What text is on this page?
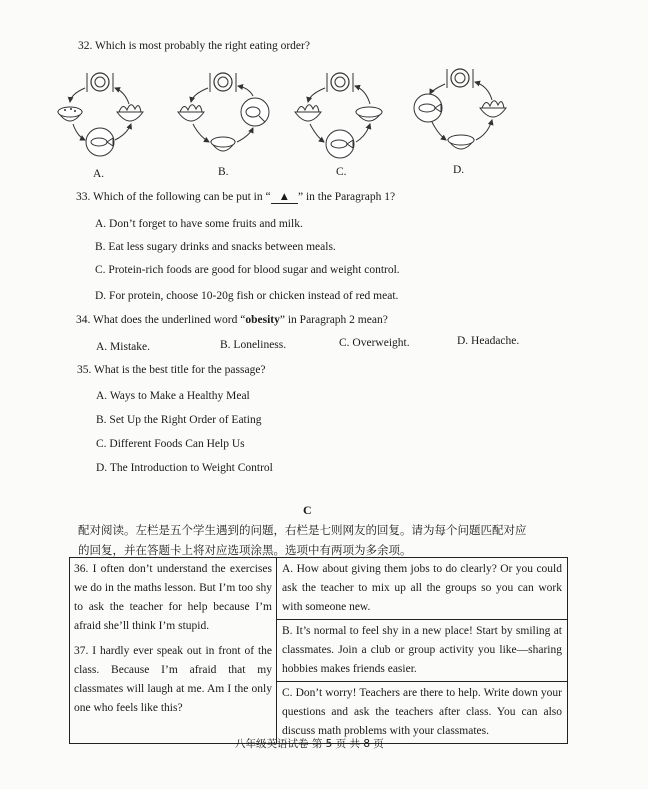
32. Which is most probably the right eating order?
A.	B.	C.	D.
33. Which of the following can be put in “ ▲ ” in the Paragraph 1?
A. Don’t forget to have some fruits and milk.
B. Eat less sugary drinks and snacks between meals.
C. Protein-rich foods are good for blood sugar and weight control.
D. For protein, choose 10-20g fish or chicken instead of red meat.
34. What does the underlined word “obesity” in Paragraph 2 mean?
A. Mistake.	B. Loneliness.	C. Overweight.	D. Headache.
35. What is the best title for the passage?
A. Ways to Make a Healthy Meal
B. Set Up the Right Order of Eating
C. Different Foods Can Help Us
D. The Introduction to Weight Control
C
配对阅读。左栏是五个学生遇到的问题，右栏是七则网友的回复。请为每个问题匹配对应
的回复，并在答题卡上将对应选项涂黑。选项中有两项为多余项。
36. I often don’t understand the exercises we do in the maths lesson. But I’m too shy to ask the teacher for help because I’m afraid she’ll think I’m stupid.
37. I hardly ever speak out in front of the class. Because I’m afraid that my classmates will laugh at me. Am I the only one who feels like this?

A. How about giving them jobs to do clearly? Or you could ask the teacher to mix up all the groups so you can work with someone new.
B. It’s normal to feel shy in a new place! Start by smiling at classmates. Join a club or group activity you like—sharing hobbies makes friends easier.
C. Don’t worry! Teachers are there to help. Write down your questions and ask the teachers after class. You can also discuss math problems with your classmates.
八年级英语试卷 第 5 页 共 8 页
